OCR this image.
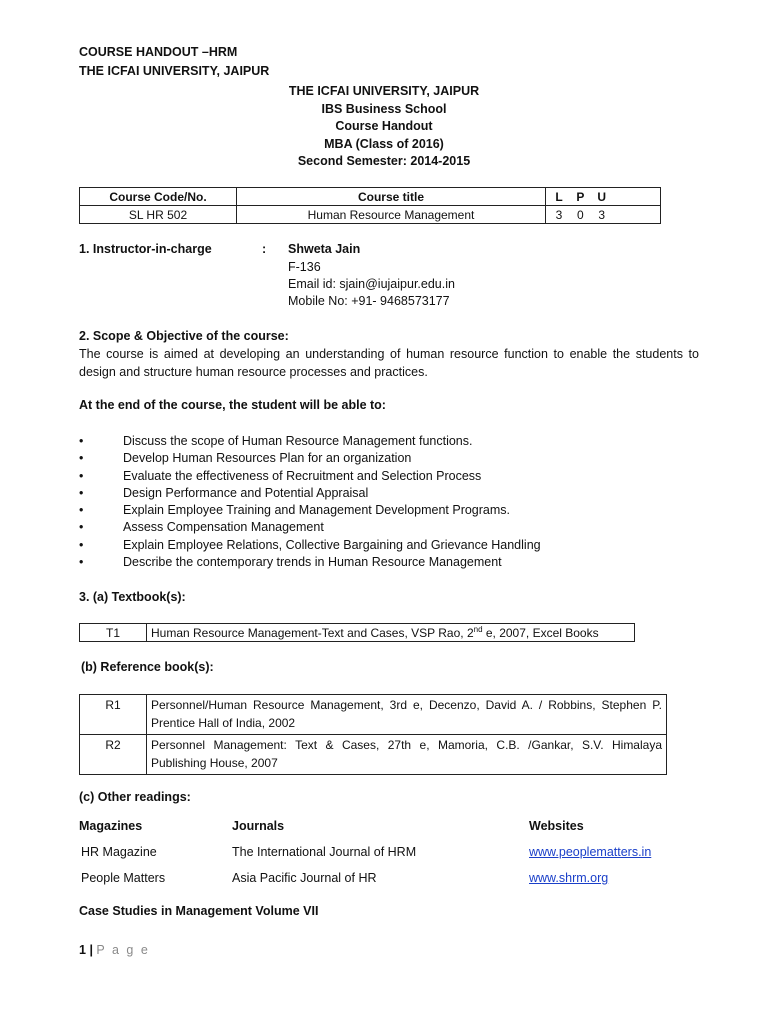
COURSE HANDOUT –HRM
THE ICFAI UNIVERSITY, JAIPUR
THE ICFAI UNIVERSITY, JAIPUR
IBS Business School
Course Handout
MBA (Class of 2016)
Second Semester: 2014-2015
Course Code/No.	Course title	L P U
SL HR 502	Human Resource Management	3 0 3
1. Instructor-in-charge	: Shweta Jain
F-136
Email id: sjain@iujaipur.edu.in
Mobile No: +91- 9468573177
2. Scope & Objective of the course:
The course is aimed at developing an understanding of human resource function to enable the students to design and structure human resource processes and practices.
At the end of the course, the student will be able to:
•	Discuss the scope of Human Resource Management functions.
•	Develop Human Resources Plan for an organization
•	Evaluate the effectiveness of Recruitment and Selection Process
•	Design Performance and Potential Appraisal
•	Explain Employee Training and Management Development Programs.
•	Assess Compensation Management
•	Explain Employee Relations, Collective Bargaining and Grievance Handling
•	Describe the contemporary trends in Human Resource Management
3. (a) Textbook(s):
T1	Human Resource Management-Text and Cases, VSP Rao, 2nd e, 2007, Excel Books
(b) Reference book(s):
R1	Personnel/Human Resource Management, 3rd e, Decenzo, David A. / Robbins, Stephen P. Prentice Hall of India, 2002
R2	Personnel Management: Text & Cases, 27th e, Mamoria, C.B. /Gankar, S.V. Himalaya Publishing House, 2007
(c) Other readings:
Magazines	Journals	Websites
HR Magazine	The International Journal of HRM	www.peoplematters.in
People Matters	Asia Pacific Journal of HR	www.shrm.org
Case Studies in Management Volume VII
1 | P a g e
